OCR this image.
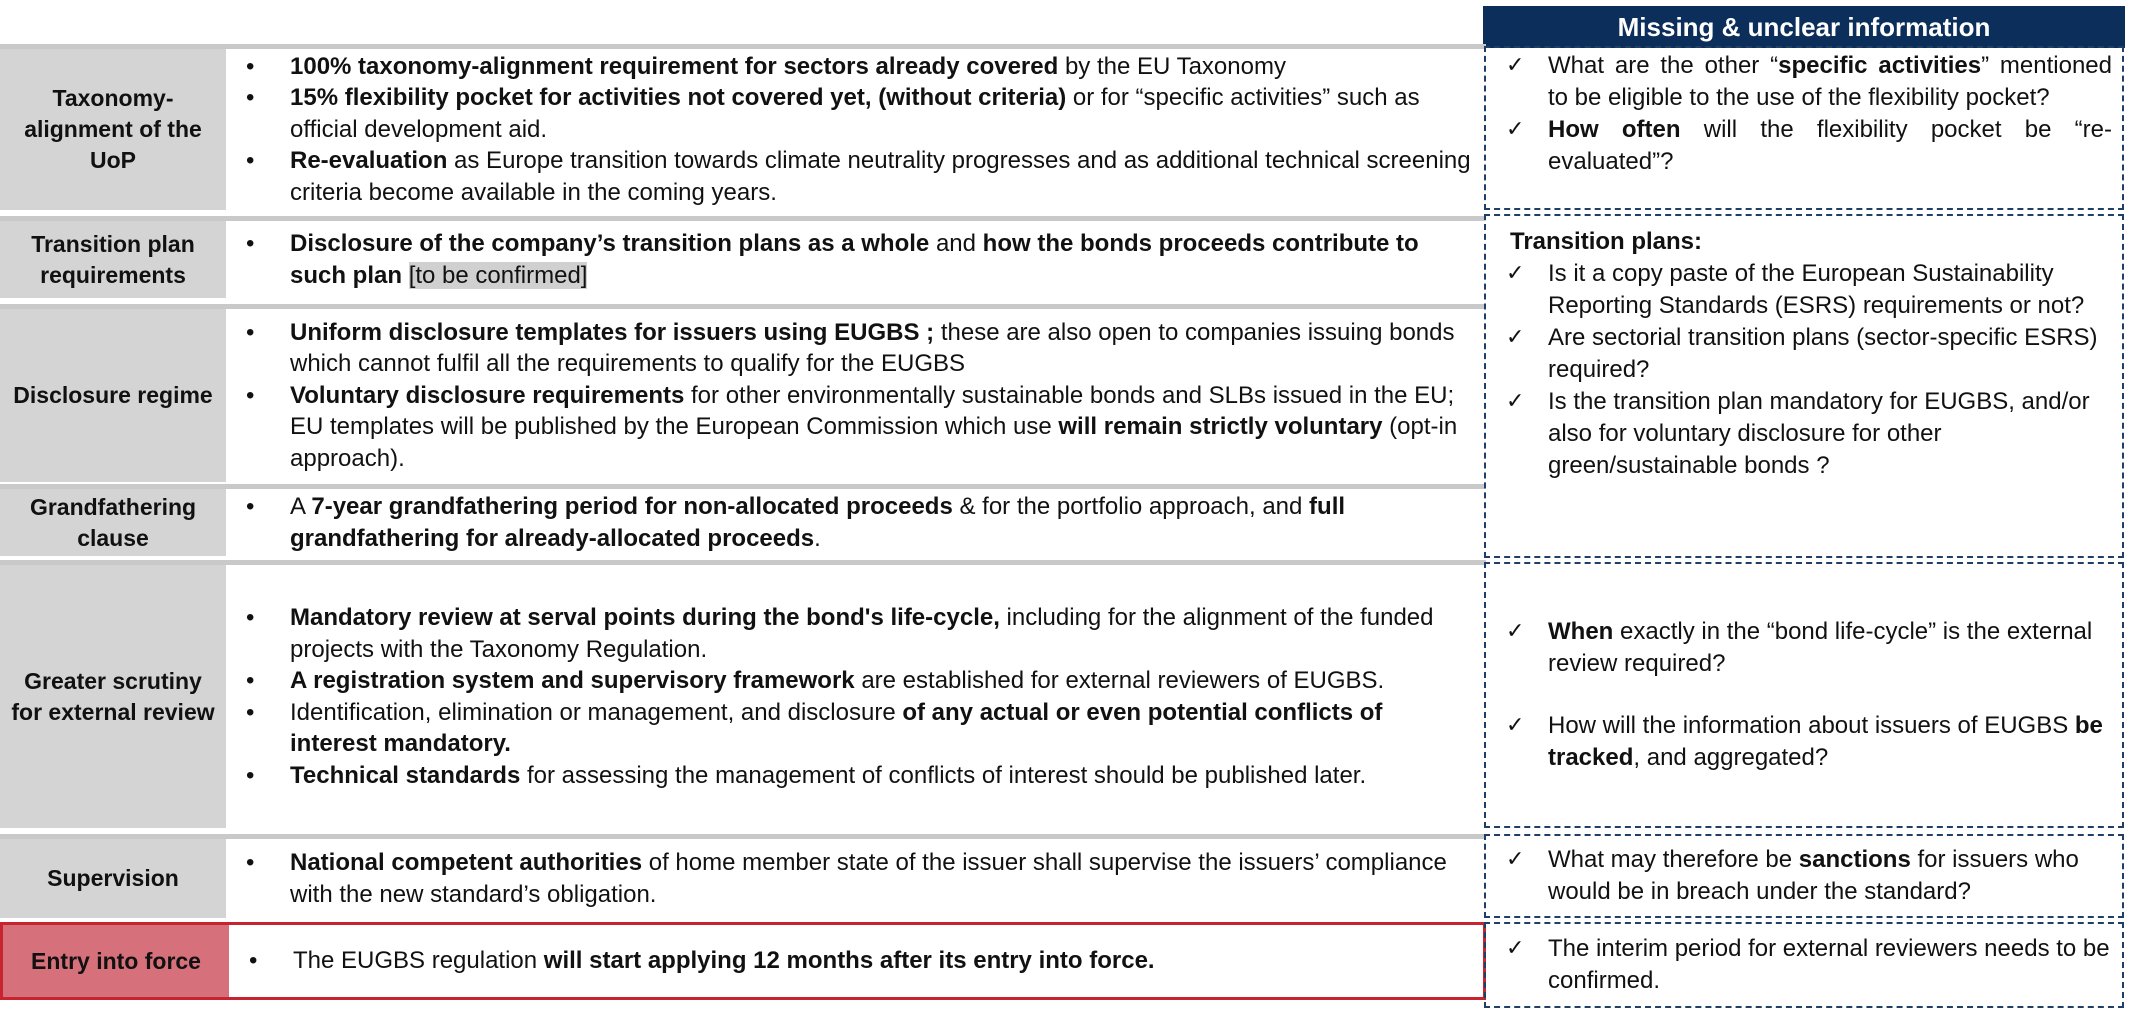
Missing & unclear information
Taxonomy-alignment of the UoP
• 100% taxonomy-alignment requirement for sectors already covered by the EU Taxonomy
• 15% flexibility pocket for activities not covered yet, (without criteria) or for “specific activities” such as official development aid.
• Re-evaluation as Europe transition towards climate neutrality progresses and as additional technical screening criteria become available in the coming years.
Transition plan requirements
• Disclosure of the company’s transition plans as a whole and how the bonds proceeds contribute to such plan [to be confirmed]
Disclosure regime
• Uniform disclosure templates for issuers using EUGBS ; these are also open to companies issuing bonds which cannot fulfil all the requirements to qualify for the EUGBS
• Voluntary disclosure requirements for other environmentally sustainable bonds and SLBs issued in the EU; EU templates will be published by the European Commission which use will remain strictly voluntary (opt-in approach).
Grandfathering clause
• A 7-year grandfathering period for non-allocated proceeds & for the portfolio approach, and full grandfathering for already-allocated proceeds.
Greater scrutiny for external review
• Mandatory review at serval points during the bond's life-cycle, including for the alignment of the funded projects with the Taxonomy Regulation.
• A registration system and supervisory framework are established for external reviewers of EUGBS.
• Identification, elimination or management, and disclosure of any actual or even potential conflicts of interest mandatory.
• Technical standards for assessing the management of conflicts of interest should be published later.
Supervision
• National competent authorities of home member state of the issuer shall supervise the issuers’ compliance with the new standard’s obligation.
Entry into force
•	The EUGBS regulation will start applying 12 months after its entry into force.
✓ What are the other “specific activities” mentioned to be eligible to the use of the flexibility pocket?
✓ How often will the flexibility pocket be “re-evaluated”?
Transition plans:
✓ Is it a copy paste of the European Sustainability Reporting Standards (ESRS) requirements or not?
✓ Are sectorial transition plans (sector-specific ESRS) required?
✓ Is the transition plan mandatory for EUGBS, and/or also for voluntary disclosure for other green/sustainable bonds ?
✓ When exactly in the “bond life-cycle” is the external review required?
✓ How will the information about issuers of EUGBS be tracked, and aggregated?
✓ What may therefore be sanctions for issuers who would be in breach under the standard?
✓ The interim period for external reviewers needs to be confirmed.
